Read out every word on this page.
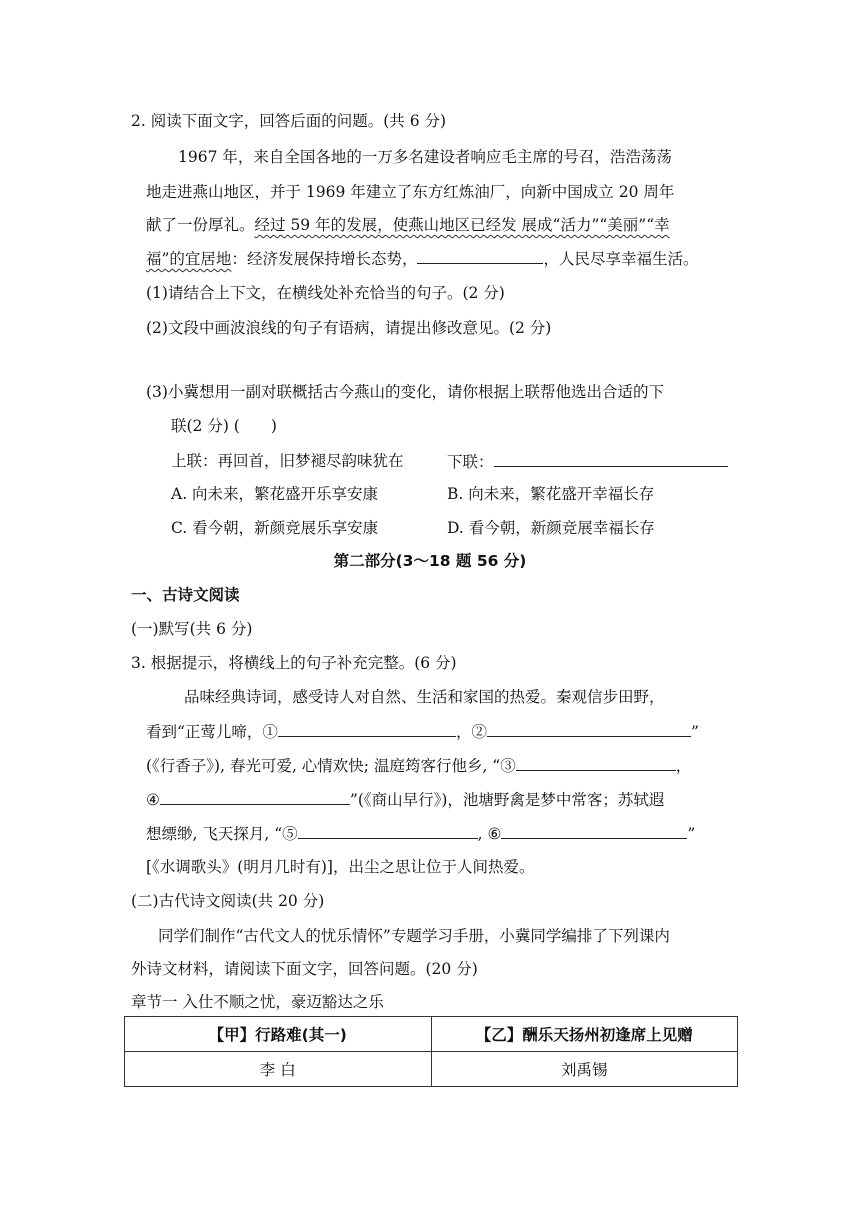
2. 阅读下面文字，回答后面的问题。(共 6 分)
1967 年，来自全国各地的一万多名建设者响应毛主席的号召，浩浩荡荡
地走进燕山地区，并于 1969 年建立了东方红炼油厂，向新中国成立 20 周年
献了一份厚礼。经过 59 年的发展，使燕山地区已经发 展成“活力”“美丽”“幸
福”的宜居地：经济发展保持增长态势，	，人民尽享幸福生活。
(1)请结合上下文，在横线处补充恰当的句子。(2 分)
(2)文段中画波浪线的句子有语病，请提出修改意见。(2 分)
(3)小冀想用一副对联概括古今燕山的变化，请你根据上联帮他选出合适的下
联(2 分) (　　)
上联：再回首，旧梦褪尽韵味犹在	下联：
A. 向未来，繁花盛开乐享安康	B. 向未来，繁花盛开幸福长存
C. 看今朝，新颜竞展乐享安康	D. 看今朝，新颜竞展幸福长存
第二部分(3～18 题 56 分)
一、古诗文阅读
(一)默写(共 6 分)
3. 根据提示，将横线上的句子补充完整。(6 分)
品味经典诗词，感受诗人对自然、生活和家国的热爱。秦观信步田野，
看到“正莺儿啼，①	，②	”
(《行香子》), 春光可爱, 心情欢快; 温庭筠客行他乡, “③	，
④	”(《商山早行》)，池塘野禽是梦中常客；苏轼遐
想缥缈, 飞天探月, “⑤	, ⑥	”
[《水调歌头》(明月几时有)]，出尘之思让位于人间热爱。
(二)古代诗文阅读(共 20 分)
同学们制作“古代文人的忧乐情怀”专题学习手册，小冀同学编排了下列课内
外诗文材料，请阅读下面文字，回答问题。(20 分)
章节一 入仕不顺之忧，豪迈豁达之乐
【甲】行路难(其一)	【乙】酬乐天扬州初逢席上见赠
李 白	刘禹锡
